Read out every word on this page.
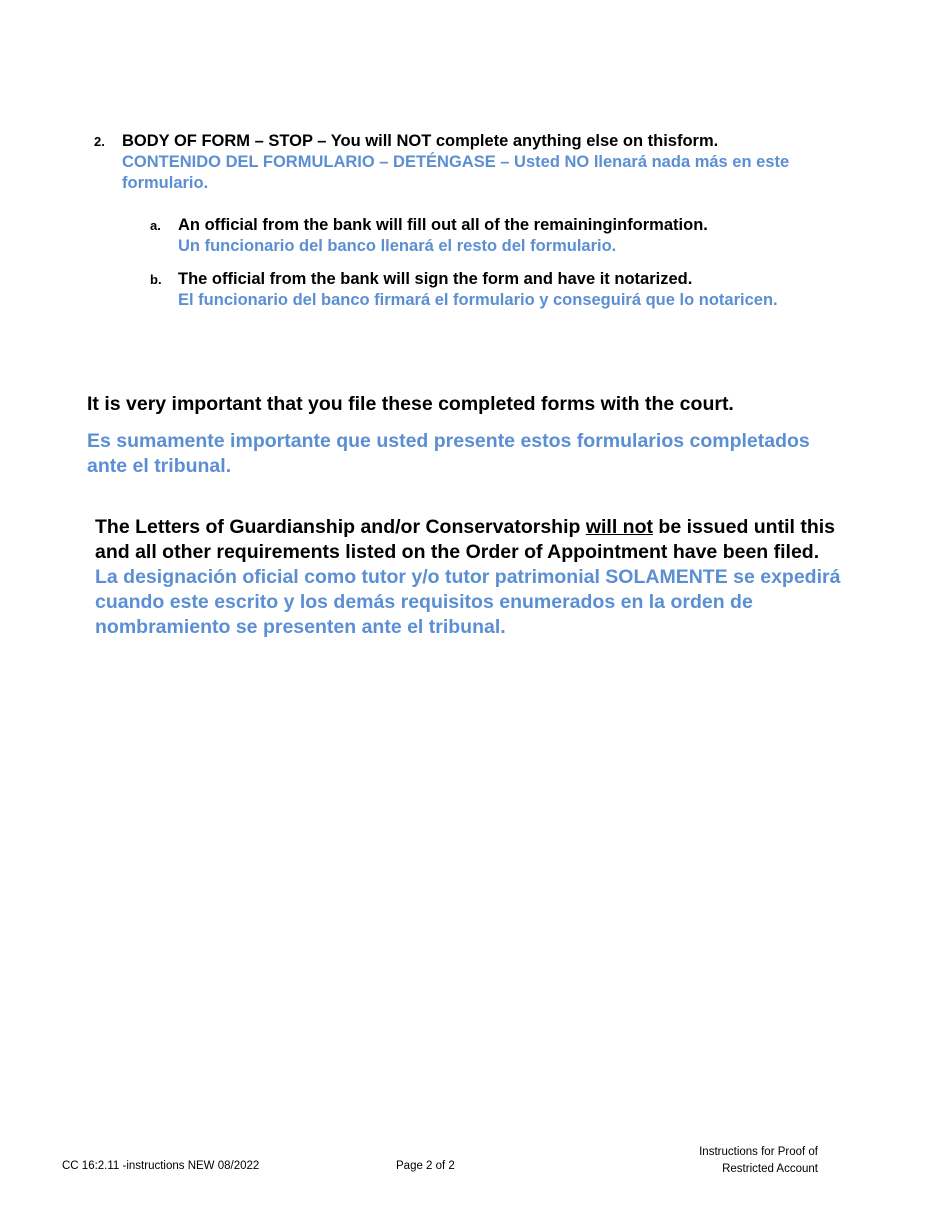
2. BODY OF FORM – STOP – You will NOT complete anything else on thisform.
CONTENIDO DEL FORMULARIO – DETÉNGASE – Usted NO llenará nada más en este formulario.
a. An official from the bank will fill out all of the remaininginformation.
Un funcionario del banco llenará el resto del formulario.
b. The official from the bank will sign the form and have it notarized.
El funcionario del banco firmará el formulario y conseguirá que lo notaricen.

It is very important that you file these completed forms with the court.

Es sumamente importante que usted presente estos formularios completados ante el tribunal.

The Letters of Guardianship and/or Conservatorship will not be issued until this and all other requirements listed on the Order of Appointment have been filed.

La designación oficial como tutor y/o tutor patrimonial SOLAMENTE se expedirá cuando este escrito y los demás requisitos enumerados en la orden de nombramiento se presenten ante el tribunal.

CC 16:2.11 -instructions NEW 08/2022	Page 2 of 2
Instructions for Proof of
Restricted Account
